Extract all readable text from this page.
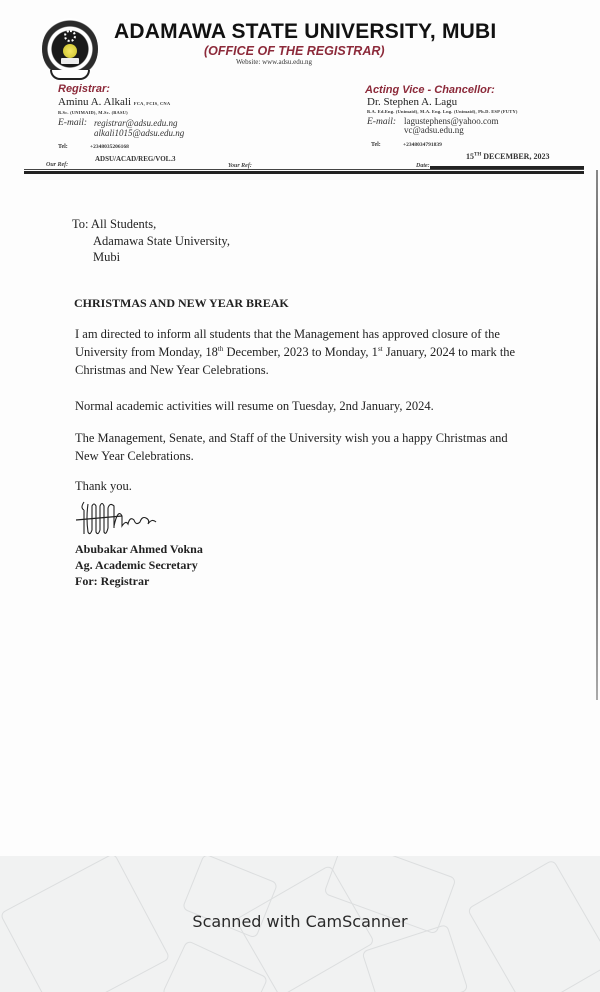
ADAMAWA STATE UNIVERSITY, MUBI
(OFFICE OF THE REGISTRAR)
Website: www.adsu.edu.ng
Registrar:
Aminu A. Alkali FCA, FCIS, CNA
B.Sc. (UNIMAID), M.Sc. (BASU)
E-mail: registrar@adsu.edu.ng
alkali1015@adsu.edu.ng
Tel:	+2348035206168
Acting Vice - Chancellor:
Dr. Stephen A. Lagu
B.A. Ed.Eng. (Unimaid), M.A. Eng. Lng. (Unimaid), Ph.D. ESP (FUTY)
E-mail: lagustephens@yahoo.com
vc@adsu.edu.ng
Tel:	+2348034791839
Our Ref:
ADSU/ACAD/REG/VOL.3
Your Ref:	Date:
15TH DECEMBER, 2023
To: All Students,
Adamawa State University,
Mubi
CHRISTMAS AND NEW YEAR BREAK
I am directed to inform all students that the Management has approved closure of the
University from Monday, 18th December, 2023 to Monday, 1st January, 2024 to mark the
Christmas and New Year Celebrations.
Normal academic activities will resume on Tuesday, 2nd January, 2024.
The Management, Senate, and Staff of the University wish you a happy Christmas and
New Year Celebrations.
Thank you.
Abubakar Ahmed Vokna
Ag. Academic Secretary
For: Registrar
Scanned with CamScanner
